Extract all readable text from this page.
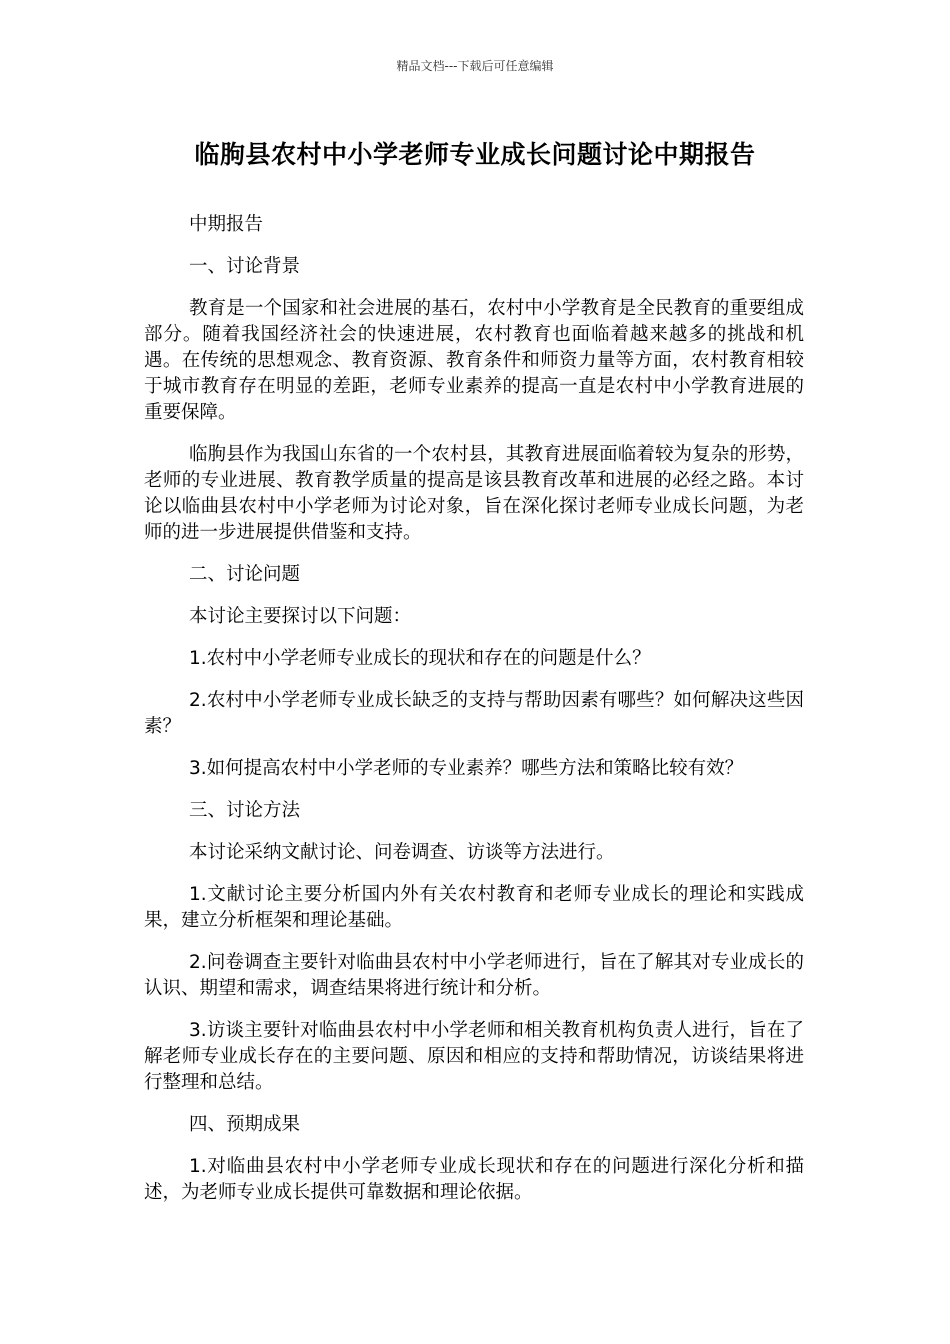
精品文档---下载后可任意编辑
临朐县农村中小学老师专业成长问题讨论中期报告

中期报告

一、讨论背景

教育是一个国家和社会进展的基石，农村中小学教育是全民教育的重要组成部分。随着我国经济社会的快速进展，农村教育也面临着越来越多的挑战和机遇。在传统的思想观念、教育资源、教育条件和师资力量等方面，农村教育相较于城市教育存在明显的差距，老师专业素养的提高一直是农村中小学教育进展的重要保障。

临朐县作为我国山东省的一个农村县，其教育进展面临着较为复杂的形势，老师的专业进展、教育教学质量的提高是该县教育改革和进展的必经之路。本讨论以临曲县农村中小学老师为讨论对象，旨在深化探讨老师专业成长问题，为老师的进一步进展提供借鉴和支持。

二、讨论问题

本讨论主要探讨以下问题：

1.农村中小学老师专业成长的现状和存在的问题是什么？

2.农村中小学老师专业成长缺乏的支持与帮助因素有哪些？如何解决这些因素？

3.如何提高农村中小学老师的专业素养？哪些方法和策略比较有效？

三、讨论方法

本讨论采纳文献讨论、问卷调查、访谈等方法进行。

1.文献讨论主要分析国内外有关农村教育和老师专业成长的理论和实践成果，建立分析框架和理论基础。

2.问卷调查主要针对临曲县农村中小学老师进行，旨在了解其对专业成长的认识、期望和需求，调查结果将进行统计和分析。

3.访谈主要针对临曲县农村中小学老师和相关教育机构负责人进行，旨在了解老师专业成长存在的主要问题、原因和相应的支持和帮助情况，访谈结果将进行整理和总结。

四、预期成果

1.对临曲县农村中小学老师专业成长现状和存在的问题进行深化分析和描述，为老师专业成长提供可靠数据和理论依据。
